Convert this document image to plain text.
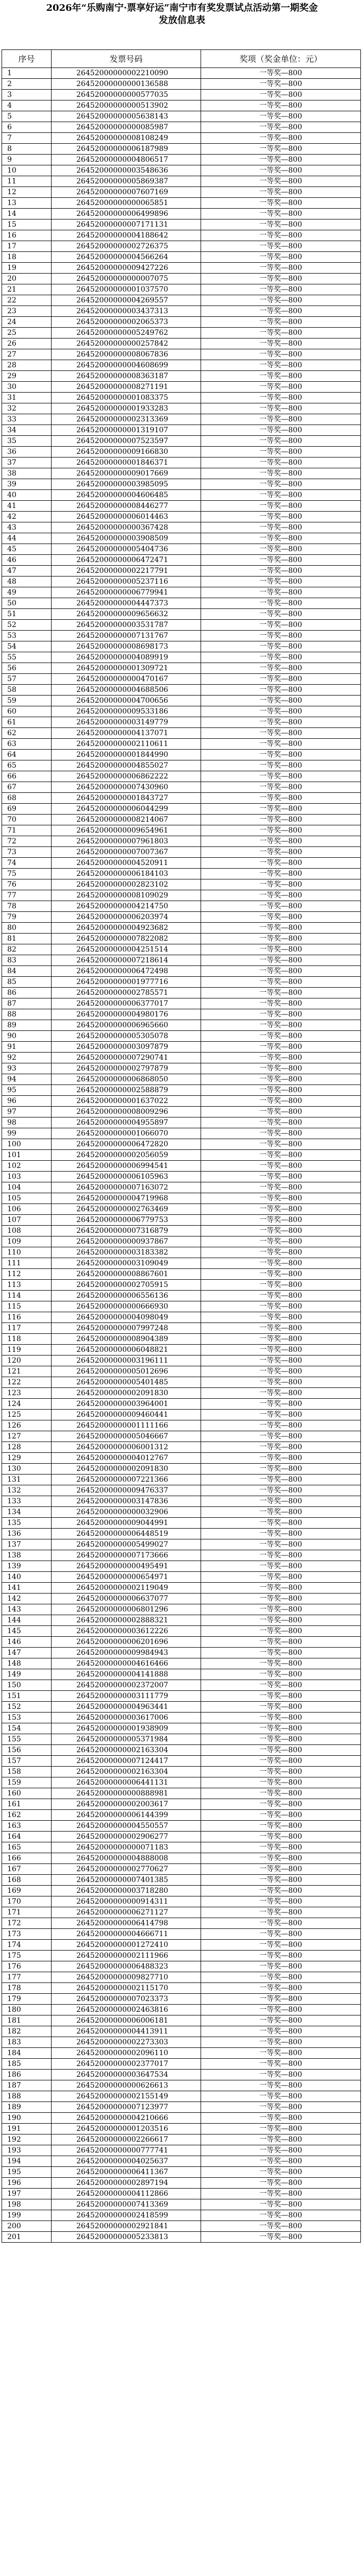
2026年“乐购南宁·票享好运”南宁市有奖发票试点活动第一期奖金
发放信息表
序号	发票号码	奖项（奖金单位：元）
1	26452000000002210090	一等奖—800
2	26452000000000136588	一等奖—800
3	26452000000000577035	一等奖—800
4	26452000000000513902	一等奖—800
5	26452000000005638143	一等奖—800
6	26452000000000085987	一等奖—800
7	26452000000008108249	一等奖—800
8	26452000000006187989	一等奖—800
9	26452000000004806517	一等奖—800
10	26452000000003548636	一等奖—800
11	26452000000005869387	一等奖—800
12	26452000000007607169	一等奖—800
13	26452000000000065851	一等奖—800
14	26452000000006499896	一等奖—800
15	26452000000007171131	一等奖—800
16	26452000000004188642	一等奖—800
17	26452000000002726375	一等奖—800
18	26452000000004566264	一等奖—800
19	26452000000009427226	一等奖—800
20	26452000000000007075	一等奖—800
21	26452000000001037570	一等奖—800
22	26452000000004269557	一等奖—800
23	26452000000003437313	一等奖—800
24	26452000000002065373	一等奖—800
25	26452000000005249762	一等奖—800
26	26452000000000257842	一等奖—800
27	26452000000008067836	一等奖—800
28	26452000000004608699	一等奖—800
29	26452000000008363187	一等奖—800
30	26452000000008271191	一等奖—800
31	26452000000001083375	一等奖—800
32	26452000000001933283	一等奖—800
33	26452000000002313369	一等奖—800
34	26452000000001319107	一等奖—800
35	26452000000007523597	一等奖—800
36	26452000000009166830	一等奖—800
37	26452000000001846371	一等奖—800
38	26452000000009017669	一等奖—800
39	26452000000003985095	一等奖—800
40	26452000000004606485	一等奖—800
41	26452000000008446277	一等奖—800
42	26452000000006014463	一等奖—800
43	26452000000000367428	一等奖—800
44	26452000000003908509	一等奖—800
45	26452000000005404736	一等奖—800
46	26452000000006472471	一等奖—800
47	26452000000002217791	一等奖—800
48	26452000000005237116	一等奖—800
49	26452000000006779941	一等奖—800
50	26452000000004447373	一等奖—800
51	26452000000009656632	一等奖—800
52	26452000000003531787	一等奖—800
53	26452000000007131767	一等奖—800
54	26452000000008698173	一等奖—800
55	26452000000004089919	一等奖—800
56	26452000000001309721	一等奖—800
57	26452000000000470167	一等奖—800
58	26452000000004688506	一等奖—800
59	26452000000004700656	一等奖—800
60	26452000000009533186	一等奖—800
61	26452000000003149779	一等奖—800
62	26452000000004137071	一等奖—800
63	26452000000002110611	一等奖—800
64	26452000000001844990	一等奖—800
65	26452000000004855027	一等奖—800
66	26452000000006862222	一等奖—800
67	26452000000007430960	一等奖—800
68	26452000000001843727	一等奖—800
69	26452000000006044299	一等奖—800
70	26452000000008214067	一等奖—800
71	26452000000009654961	一等奖—800
72	26452000000007961803	一等奖—800
73	26452000000007007367	一等奖—800
74	26452000000004520911	一等奖—800
75	26452000000006184103	一等奖—800
76	26452000000002823102	一等奖—800
77	26452000000008109029	一等奖—800
78	26452000000004214750	一等奖—800
79	26452000000006203974	一等奖—800
80	26452000000004923682	一等奖—800
81	26452000000007822082	一等奖—800
82	26452000000004251514	一等奖—800
83	26452000000007218614	一等奖—800
84	26452000000006472498	一等奖—800
85	26452000000001977716	一等奖—800
86	26452000000002785571	一等奖—800
87	26452000000006377017	一等奖—800
88	26452000000004980176	一等奖—800
89	26452000000006965660	一等奖—800
90	26452000000005305078	一等奖—800
91	26452000000003097879	一等奖—800
92	26452000000007290741	一等奖—800
93	26452000000002797879	一等奖—800
94	26452000000006868050	一等奖—800
95	26452000000002588879	一等奖—800
96	26452000000001637022	一等奖—800
97	26452000000008009296	一等奖—800
98	26452000000004955897	一等奖—800
99	26452000000001066070	一等奖—800
100	26452000000006472820	一等奖—800
101	26452000000002056059	一等奖—800
102	26452000000006994541	一等奖—800
103	26452000000006105963	一等奖—800
104	26452000000007163072	一等奖—800
105	26452000000004719968	一等奖—800
106	26452000000002763469	一等奖—800
107	26452000000006779753	一等奖—800
108	26452000000007316879	一等奖—800
109	26452000000000937867	一等奖—800
110	26452000000003183382	一等奖—800
111	26452000000003109049	一等奖—800
112	26452000000008867601	一等奖—800
113	26452000000002705915	一等奖—800
114	26452000000006556136	一等奖—800
115	26452000000000666930	一等奖—800
116	26452000000004098049	一等奖—800
117	26452000000007997248	一等奖—800
118	26452000000008904389	一等奖—800
119	26452000000006048821	一等奖—800
120	26452000000003196111	一等奖—800
121	26452000000005012696	一等奖—800
122	26452000000005401485	一等奖—800
123	26452000000002091830	一等奖—800
124	26452000000003964001	一等奖—800
125	26452000000009460441	一等奖—800
126	26452000000001111166	一等奖—800
127	26452000000005046667	一等奖—800
128	26452000000006001312	一等奖—800
129	26452000000004012767	一等奖—800
130	26452000000002091830	一等奖—800
131	26452000000007221366	一等奖—800
132	26452000000009476337	一等奖—800
133	26452000000003147836	一等奖—800
134	26452000000000032906	一等奖—800
135	26452000000009044991	一等奖—800
136	26452000000006448519	一等奖—800
137	26452000000005499027	一等奖—800
138	26452000000007173666	一等奖—800
139	26452000000000495491	一等奖—800
140	26452000000000654971	一等奖—800
141	26452000000002119049	一等奖—800
142	26452000000006637077	一等奖—800
143	26452000000006801296	一等奖—800
144	26452000000002888321	一等奖—800
145	26452000000003612226	一等奖—800
146	26452000000006201696	一等奖—800
147	26452000000009984943	一等奖—800
148	26452000000004616466	一等奖—800
149	26452000000004141888	一等奖—800
150	26452000000002372007	一等奖—800
151	26452000000003111779	一等奖—800
152	26452000000004963441	一等奖—800
153	26452000000003617006	一等奖—800
154	26452000000001938909	一等奖—800
155	26452000000005371984	一等奖—800
156	26452000000002163304	一等奖—800
157	26452000000007124417	一等奖—800
158	26452000000002163304	一等奖—800
159	26452000000006441131	一等奖—800
160	26452000000000888981	一等奖—800
161	26452000000002003617	一等奖—800
162	26452000000006144399	一等奖—800
163	26452000000004550557	一等奖—800
164	26452000000002906277	一等奖—800
165	26452000000000071183	一等奖—800
166	26452000000004888008	一等奖—800
167	26452000000002770627	一等奖—800
168	26452000000007401385	一等奖—800
169	26452000000003718280	一等奖—800
170	26452000000000914311	一等奖—800
171	26452000000006271127	一等奖—800
172	26452000000006414798	一等奖—800
173	26452000000004666711	一等奖—800
174	26452000000001272410	一等奖—800
175	26452000000002111966	一等奖—800
176	26452000000006488323	一等奖—800
177	26452000000009827710	一等奖—800
178	26452000000002115170	一等奖—800
179	26452000000007023373	一等奖—800
180	26452000000002463816	一等奖—800
181	26452000000006006181	一等奖—800
182	26452000000004413911	一等奖—800
183	26452000000002273303	一等奖—800
184	26452000000002096110	一等奖—800
185	26452000000002377017	一等奖—800
186	26452000000003647534	一等奖—800
187	26452000000000626613	一等奖—800
188	26452000000002155149	一等奖—800
189	26452000000007123977	一等奖—800
190	26452000000004210666	一等奖—800
191	26452000000001203516	一等奖—800
192	26452000000002266617	一等奖—800
193	26452000000000777741	一等奖—800
194	26452000000004025637	一等奖—800
195	26452000000006411367	一等奖—800
196	26452000000002897194	一等奖—800
197	26452000000004112866	一等奖—800
198	26452000000007413369	一等奖—800
199	26452000000002418599	一等奖—800
200	26452000000002921841	一等奖—800
201	26452000000005233813	一等奖—800
